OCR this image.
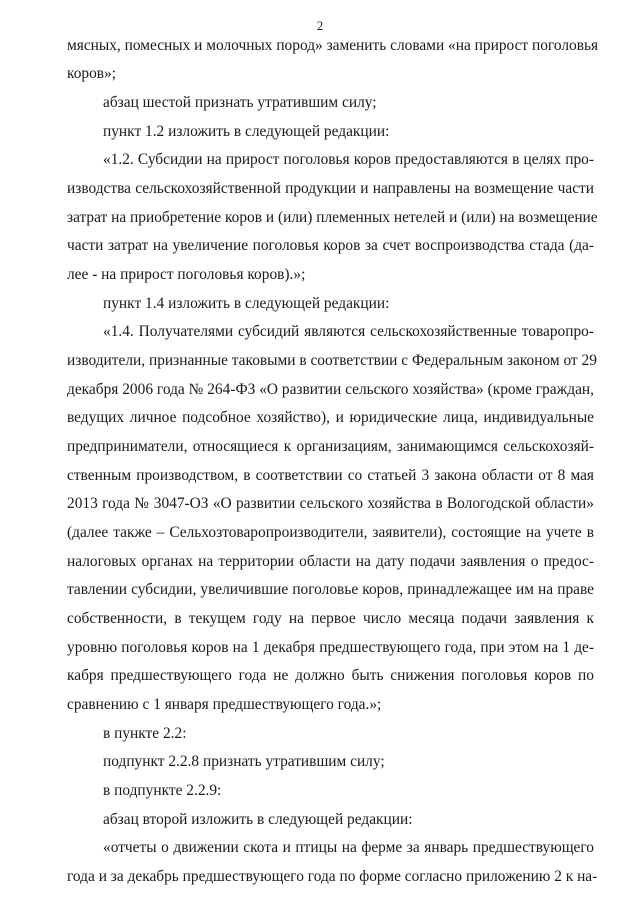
2
мясных, помесных и молочных пород» заменить словами «на прирост поголовья
коров»;
абзац шестой признать утратившим силу;
пункт 1.2 изложить в следующей редакции:
«1.2. Субсидии на прирост поголовья коров предоставляются в целях про-
изводства сельскохозяйственной продукции и направлены на возмещение части
затрат на приобретение коров и (или) племенных нетелей и (или) на возмещение
части затрат на увеличение поголовья коров за счет воспроизводства стада (да-
лее - на прирост поголовья коров).»;
пункт 1.4 изложить в следующей редакции:
«1.4. Получателями субсидий являются сельскохозяйственные товаропро-
изводители, признанные таковыми в соответствии с Федеральным законом от 29
декабря 2006 года № 264-ФЗ «О развитии сельского хозяйства» (кроме граждан,
ведущих личное подсобное хозяйство), и юридические лица, индивидуальные
предприниматели, относящиеся к организациям, занимающимся сельскохозяй-
ственным производством, в соответствии со статьей 3 закона области от 8 мая
2013 года № 3047-ОЗ «О развитии сельского хозяйства в Вологодской области»
(далее также – Сельхозтоваропроизводители, заявители), состоящие на учете в
налоговых органах на территории области на дату подачи заявления о предос-
тавлении субсидии, увеличившие поголовье коров, принадлежащее им на праве
собственности, в текущем году на первое число месяца подачи заявления к
уровню поголовья коров на 1 декабря предшествующего года, при этом на 1 де-
кабря предшествующего года не должно быть снижения поголовья коров по
сравнению с 1 января предшествующего года.»;
в пункте 2.2:
подпункт 2.2.8 признать утратившим силу;
в подпункте 2.2.9:
абзац второй изложить в следующей редакции:
«отчеты о движении скота и птицы на ферме за январь предшествующего
года и за декабрь предшествующего года по форме согласно приложению 2 к на-
